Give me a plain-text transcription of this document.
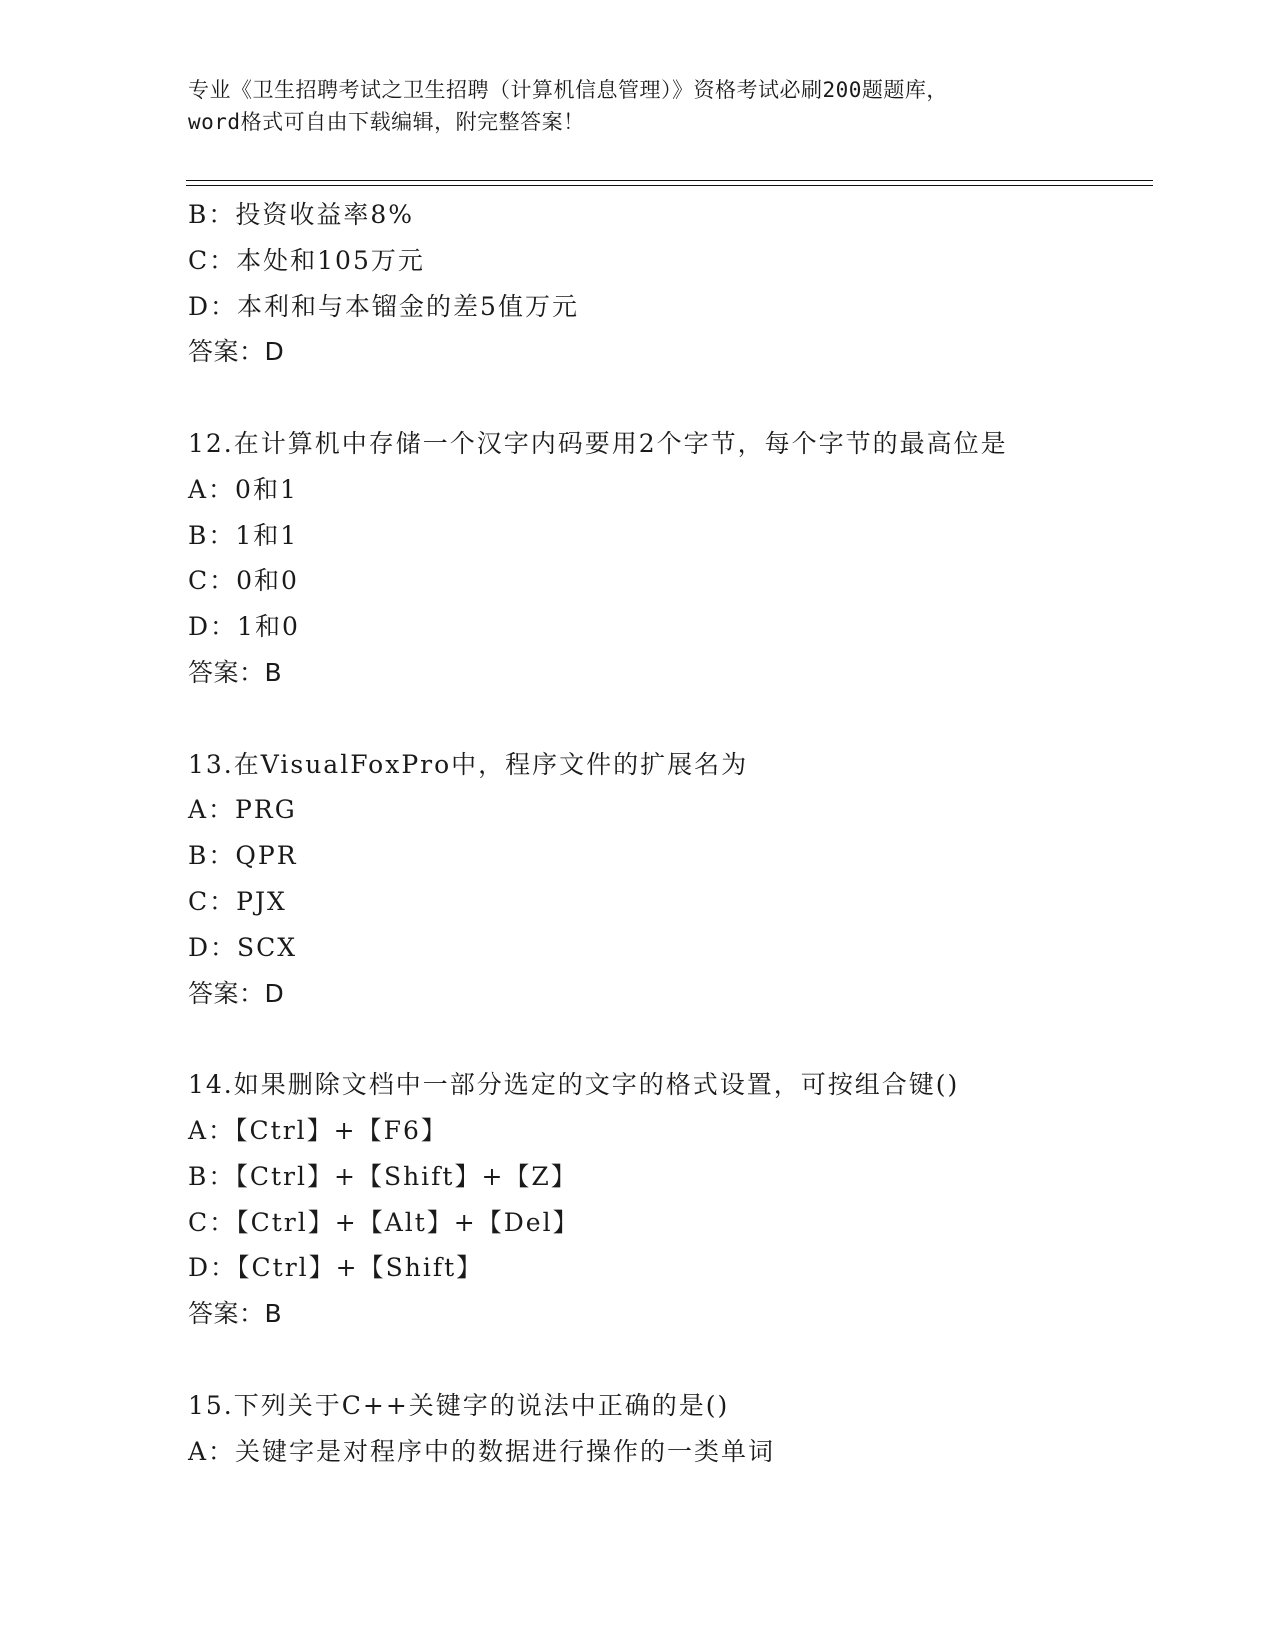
专业《卫生招聘考试之卫生招聘（计算机信息管理）》资格考试必刷200题题库，
word格式可自由下载编辑，附完整答案！
B：投资收益率8%
C：本处和105万元
D：本利和与本镏金的差5值万元
答案：D
12.在计算机中存储一个汉字内码要用2个字节，每个字节的最高位是
A：0和1
B：1和1
C：0和0
D：1和0
答案：B
13.在VisualFoxPro中，程序文件的扩展名为
A：PRG
B：QPR
C：PJX
D：SCX
答案：D
14.如果删除文档中一部分选定的文字的格式设置，可按组合键()
A：【Ctrl】+【F6】
B：【Ctrl】+【Shift】+【Z】
C：【Ctrl】+【Alt】+【Del】
D：【Ctrl】+【Shift】
答案：B
15.下列关于C++关键字的说法中正确的是()
A：关键字是对程序中的数据进行操作的一类单词
